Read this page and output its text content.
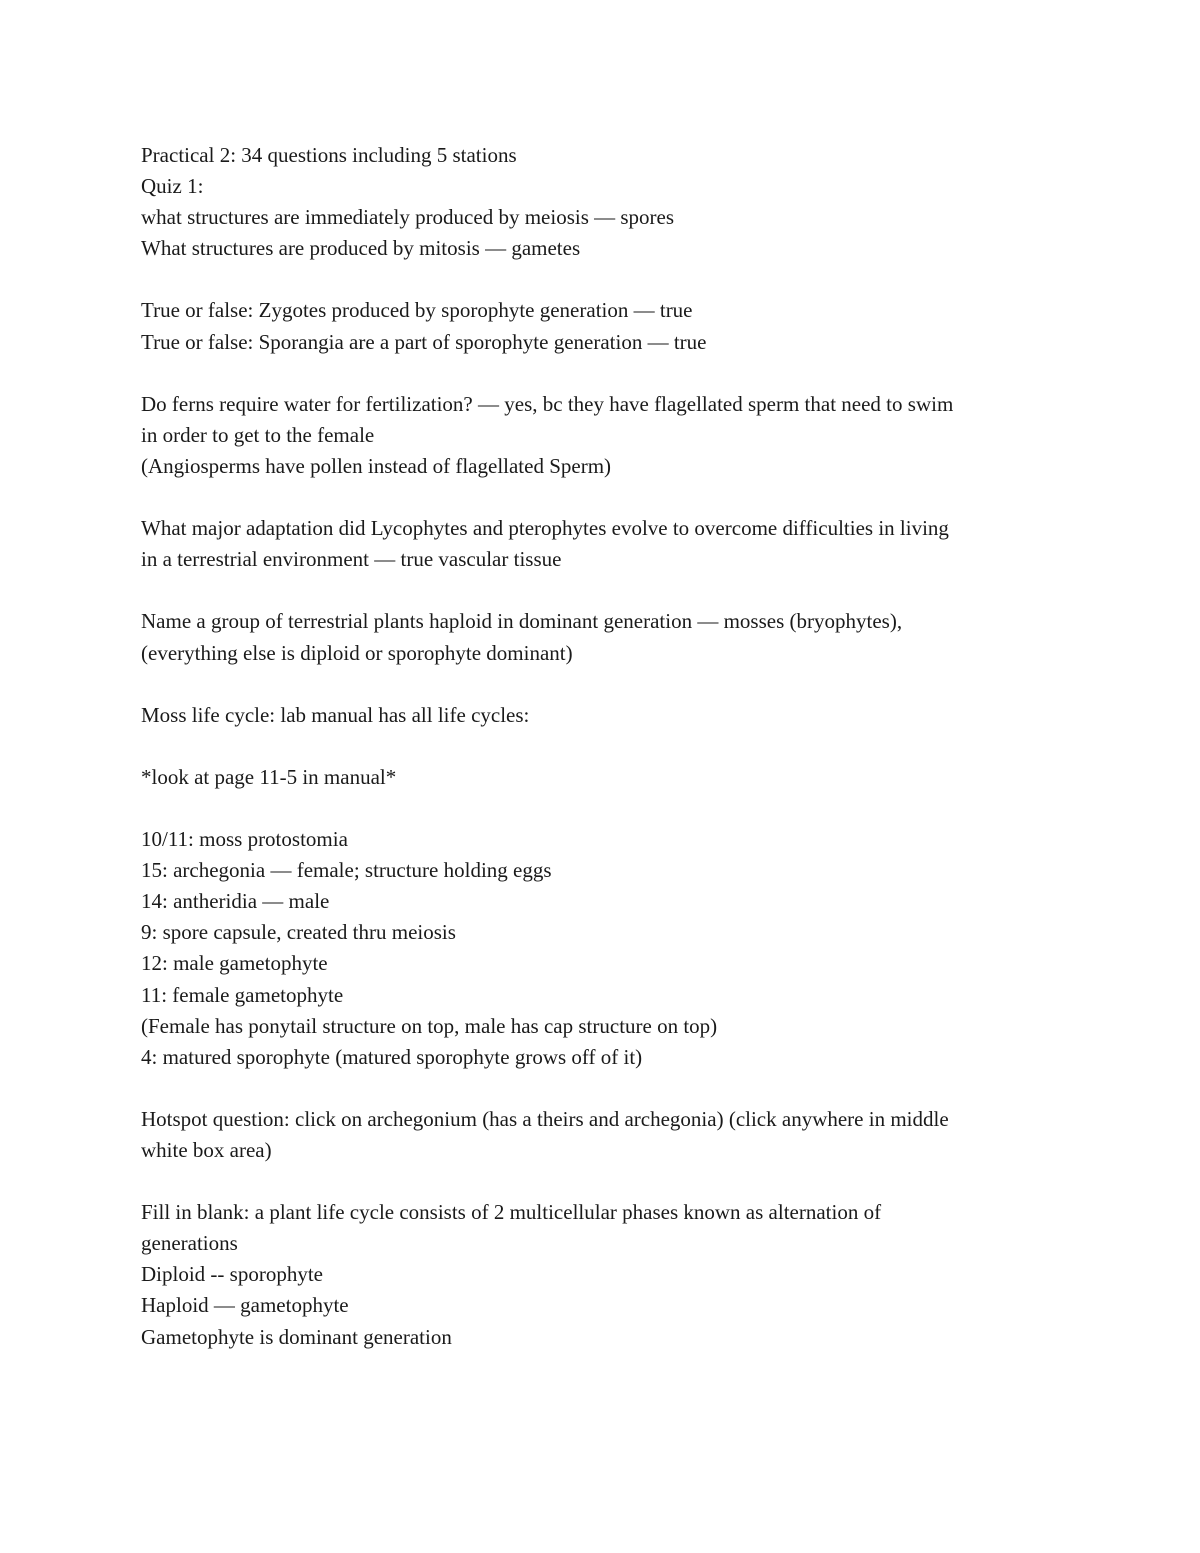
Practical 2: 34 questions including 5 stations
Quiz 1:
what structures are immediately produced by meiosis — spores
What structures are produced by mitosis — gametes
True or false: Zygotes produced by sporophyte generation — true
True or false: Sporangia are a part of sporophyte generation — true
Do ferns require water for fertilization? — yes, bc they have flagellated sperm that need to swim
in order to get to the female
(Angiosperms have pollen instead of flagellated Sperm)
What major adaptation did Lycophytes and pterophytes evolve to overcome difficulties in living
in a terrestrial environment — true vascular tissue
Name a group of terrestrial plants haploid in dominant generation — mosses (bryophytes),
(everything else is diploid or sporophyte dominant)
Moss life cycle: lab manual has all life cycles:
*look at page 11-5 in manual*
10/11: moss protostomia
15: archegonia — female; structure holding eggs
14: antheridia — male
9: spore capsule, created thru meiosis
12: male gametophyte
11: female gametophyte
(Female has ponytail structure on top, male has cap structure on top)
4: matured sporophyte (matured sporophyte grows off of it)
Hotspot question: click on archegonium (has a theirs and archegonia) (click anywhere in middle
white box area)
Fill in blank: a plant life cycle consists of 2 multicellular phases known as alternation of
generations
Diploid -- sporophyte
Haploid — gametophyte
Gametophyte is dominant generation
